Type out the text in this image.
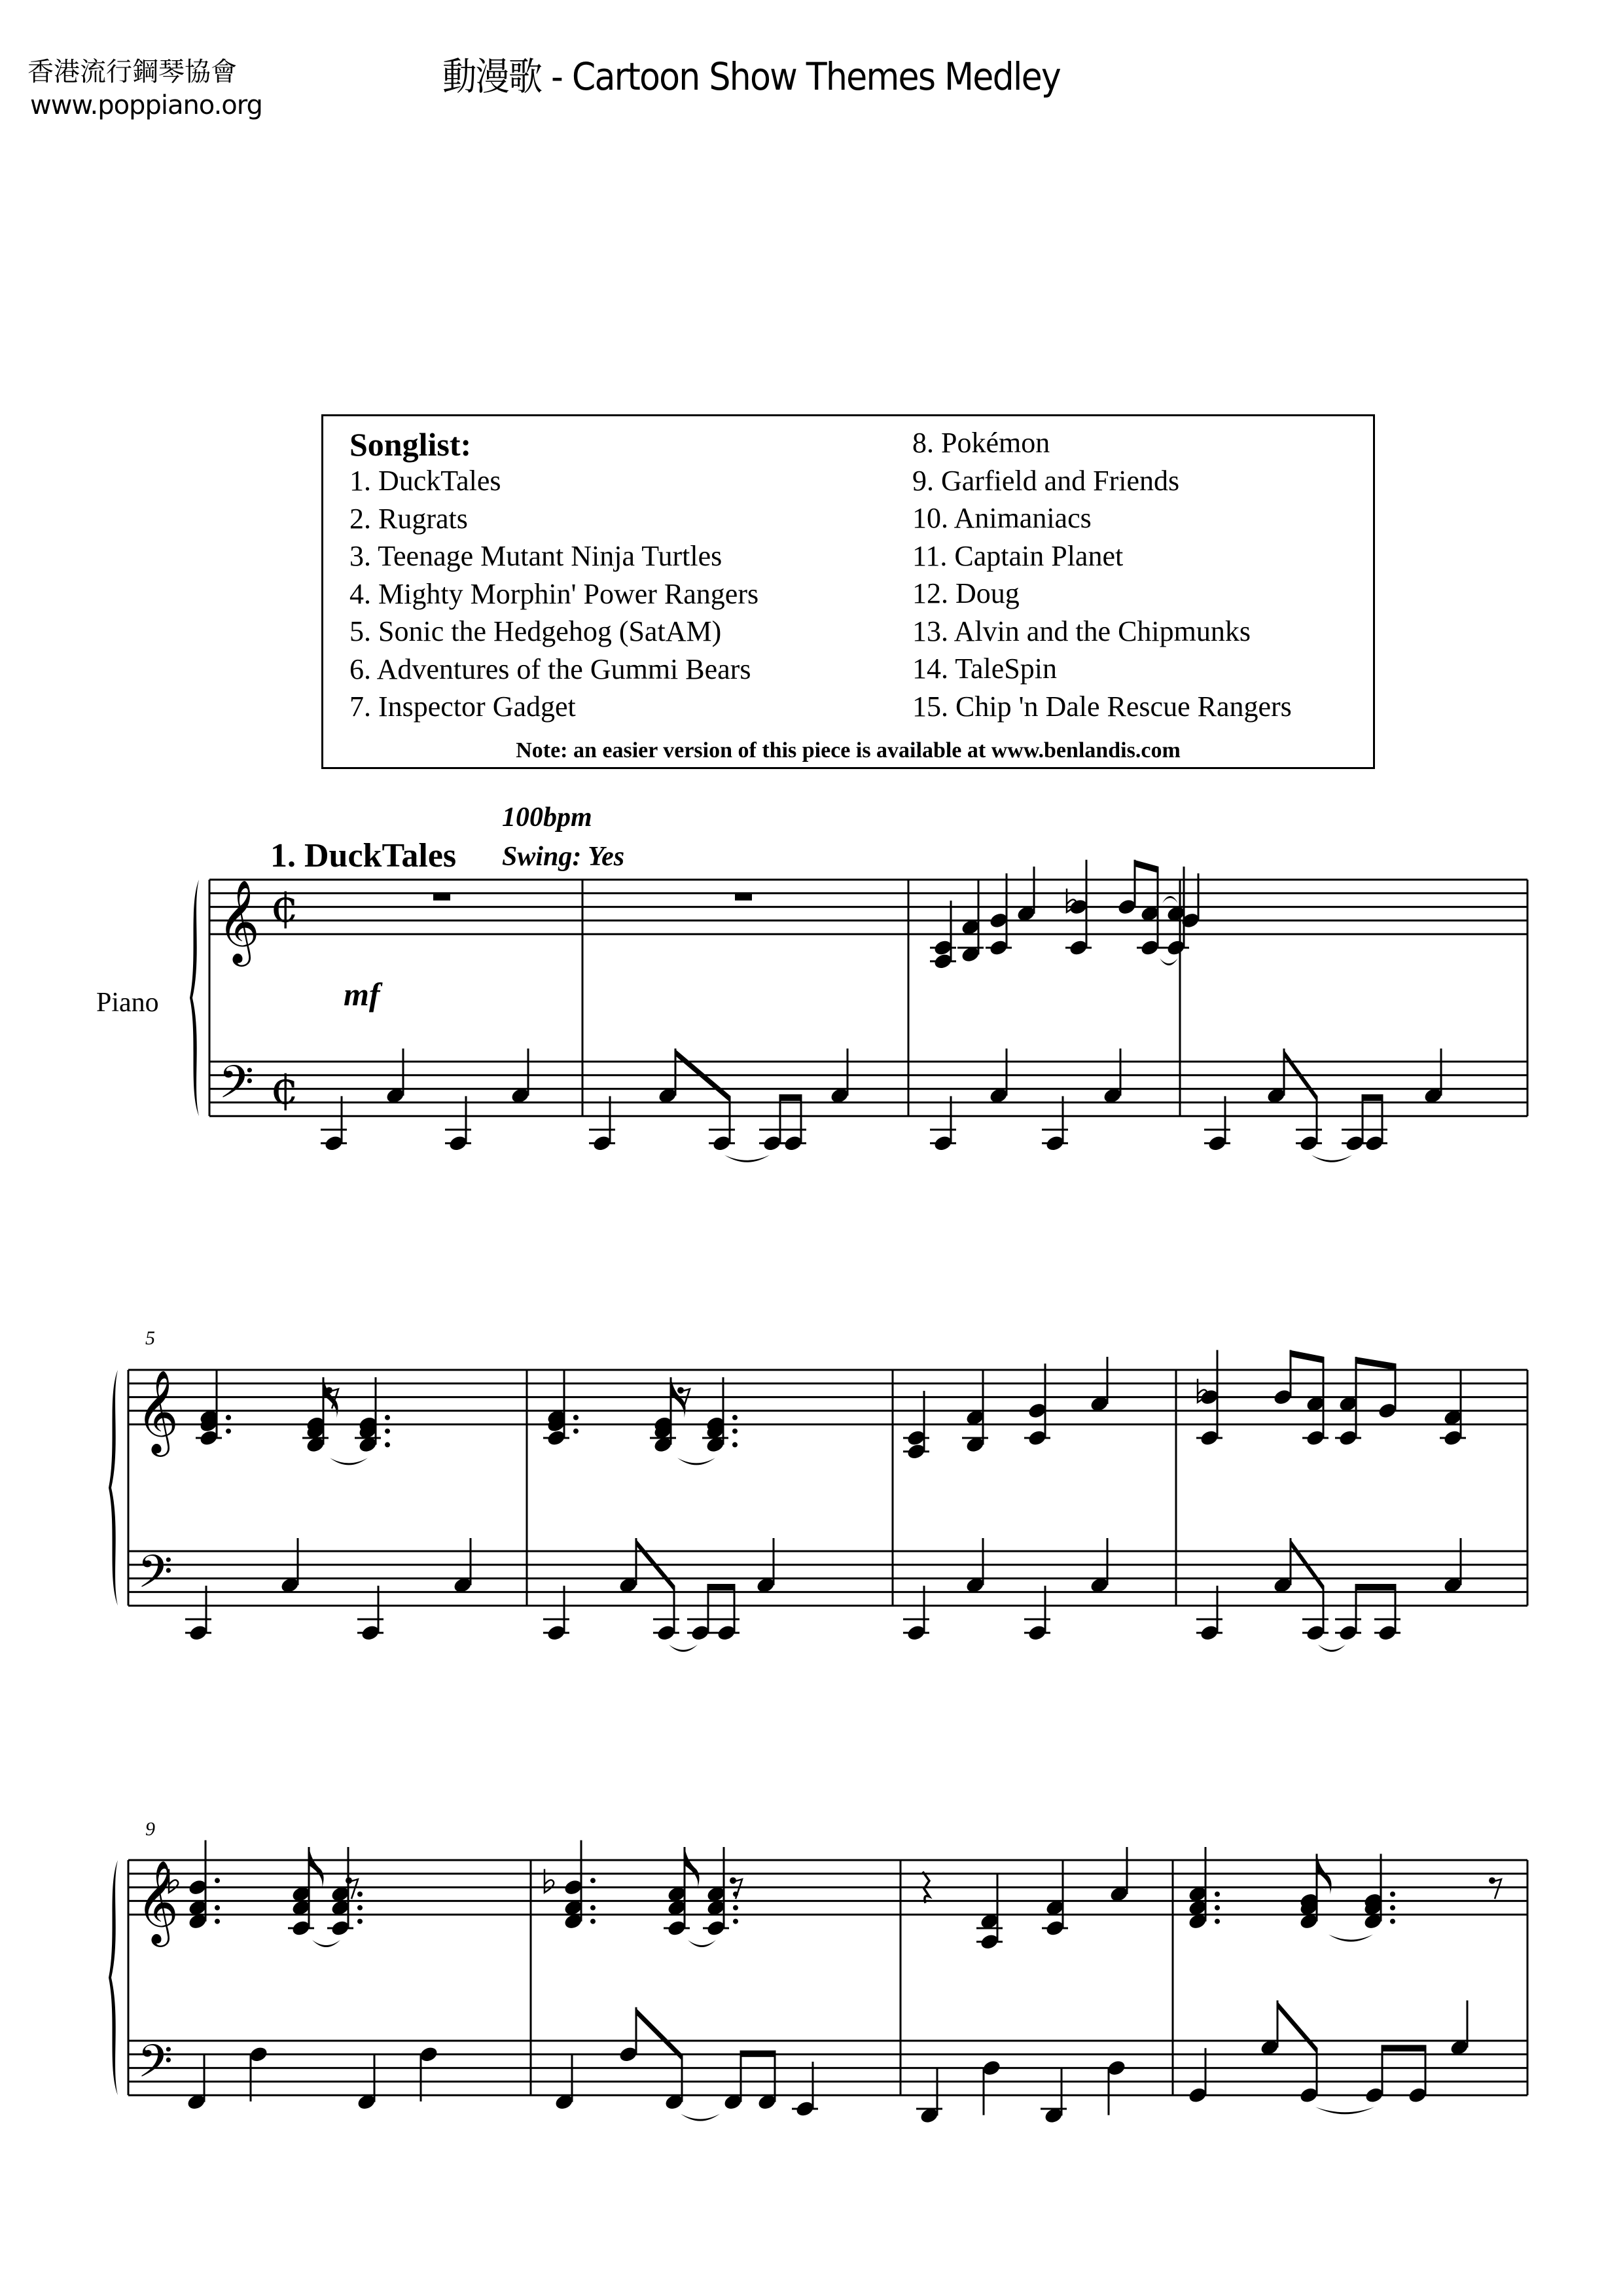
香港流行鋼琴協會
www.poppiano.org
動漫歌 - Cartoon Show Themes Medley
Songlist:
1. DuckTales
2. Rugrats
3. Teenage Mutant Ninja Turtles
4. Mighty Morphin' Power Rangers
5. Sonic the Hedgehog (SatAM)
6. Adventures of the Gummi Bears
7. Inspector Gadget
8. Pokémon
9. Garfield and Friends
10. Animaniacs
11. Captain Planet
12. Doug
13. Alvin and the Chipmunks
14. TaleSpin
15. Chip 'n Dale Rescue Rangers
Note: an easier version of this piece is available at www.benlandis.com
1. DuckTales
100bpm
Swing: Yes
Piano	mf
5
9
𝄞
𝄢
¢
¢
𝄞
𝄢
𝄞
𝄢
